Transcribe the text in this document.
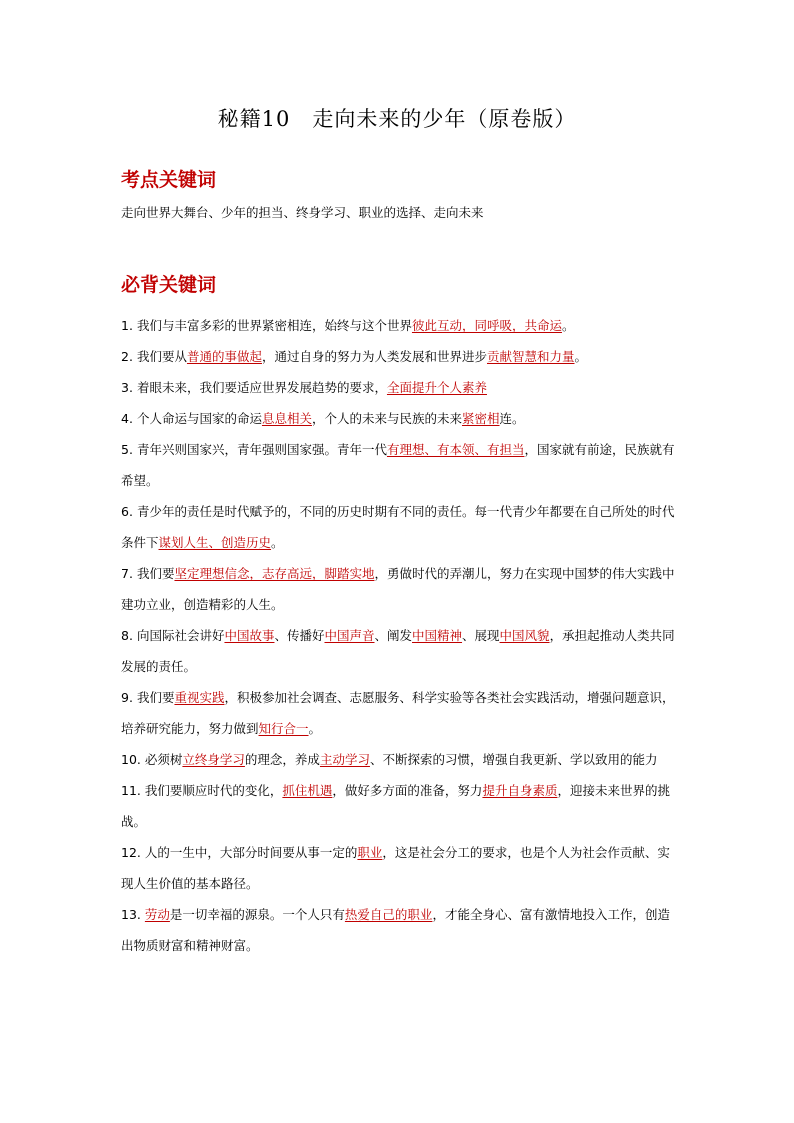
秘籍10　走向未来的少年（原卷版）
考点关键词

走向世界大舞台、少年的担当、终身学习、职业的选择、走向未来

必背关键词
1. 我们与丰富多彩的世界紧密相连，始终与这个世界彼此互动，同呼吸，共命运。
2. 我们要从普通的事做起，通过自身的努力为人类发展和世界进步贡献智慧和力量。
3. 着眼未来，我们要适应世界发展趋势的要求，全面提升个人素养
4. 个人命运与国家的命运息息相关，个人的未来与民族的未来紧密相连。
5. 青年兴则国家兴，青年强则国家强。青年一代有理想、有本领、有担当，国家就有前途，民族就有希望。
6. 青少年的责任是时代赋予的，不同的历史时期有不同的责任。每一代青少年都要在自己所处的时代条件下谋划人生、创造历史。
7. 我们要坚定理想信念，志存高远，脚踏实地，勇做时代的弄潮儿，努力在实现中国梦的伟大实践中建功立业，创造精彩的人生。
8. 向国际社会讲好中国故事、传播好中国声音、阐发中国精神、展现中国风貌，承担起推动人类共同发展的责任。
9. 我们要重视实践，积极参加社会调查、志愿服务、科学实验等各类社会实践活动，增强问题意识，培养研究能力，努力做到知行合一。
10. 必须树立终身学习的理念，养成主动学习、不断探索的习惯，增强自我更新、学以致用的能力
11. 我们要顺应时代的变化，抓住机遇，做好多方面的准备，努力提升自身素质，迎接未来世界的挑战。
12. 人的一生中，大部分时间要从事一定的职业，这是社会分工的要求，也是个人为社会作贡献、实现人生价值的基本路径。
13. 劳动是一切幸福的源泉。一个人只有热爱自己的职业，才能全身心、富有激情地投入工作，创造出物质财富和精神财富。
